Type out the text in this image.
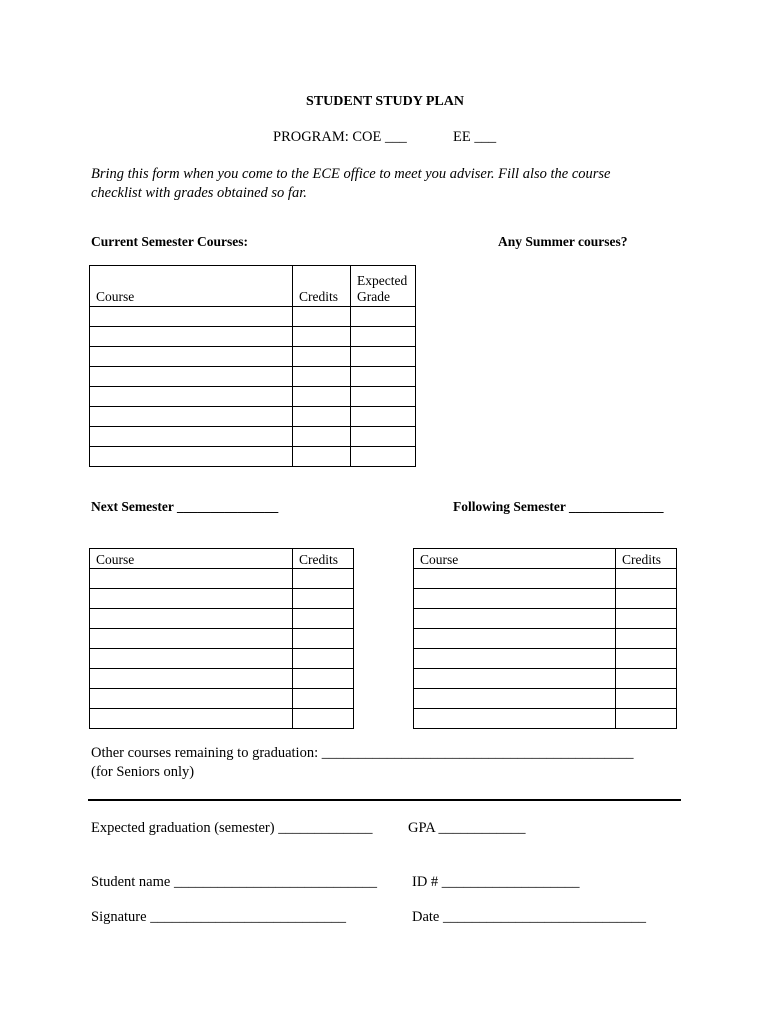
STUDENT STUDY PLAN
PROGRAM: COE ___	EE ___
Bring this form when you come to the ECE office to meet you adviser. Fill also the course checklist with grades obtained so far.
Current Semester Courses:	Any Summer courses?
Course	Credits	Expected
Grade

Next Semester _______________	Following Semester ______________
Course	Credits

		Course	Credits

Other courses remaining to graduation: ___________________________________________
(for Seniors only)
Expected graduation (semester) _____________ GPA ____________
Student name ____________________________ ID # ___________________
Signature ___________________________	Date ____________________________
